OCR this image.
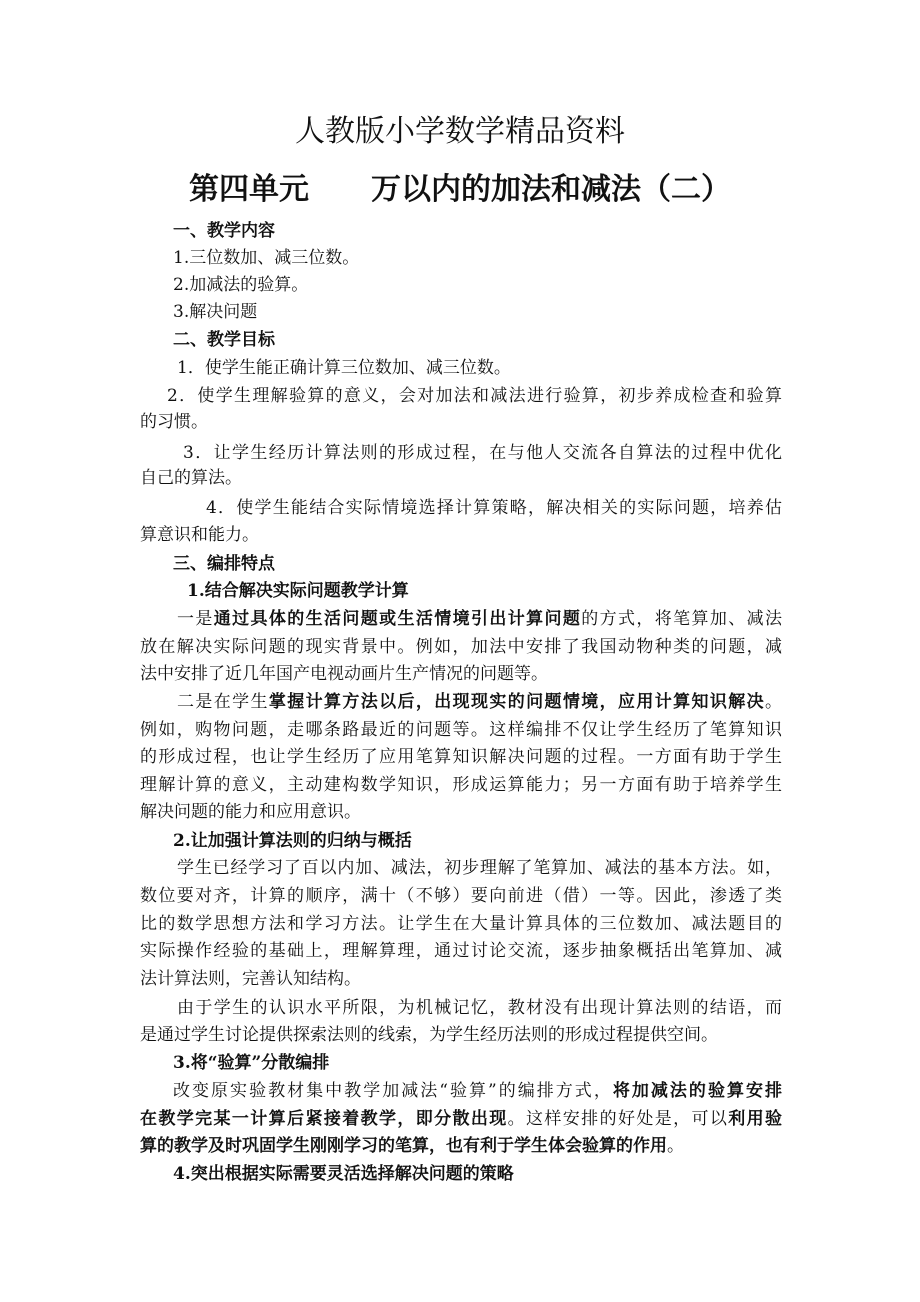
人教版小学数学精品资料
第四单元 万以内的加法和减法（二）
一、教学内容
1.三位数加、减三位数。
2.加减法的验算。
3.解决问题
二、教学目标
1．使学生能正确计算三位数加、减三位数。
2．使学生理解验算的意义，会对加法和减法进行验算，初步养成检查和验算
的习惯。
3．让学生经历计算法则的形成过程，在与他人交流各自算法的过程中优化
自己的算法。
4．使学生能结合实际情境选择计算策略，解决相关的实际问题，培养估
算意识和能力。
三、编排特点
1.结合解决实际问题教学计算
一是通过具体的生活问题或生活情境引出计算问题的方式，将笔算加、减法
放在解决实际问题的现实背景中。例如，加法中安排了我国动物种类的问题，减
法中安排了近几年国产电视动画片生产情况的问题等。
二是在学生掌握计算方法以后，出现现实的问题情境，应用计算知识解决。
例如，购物问题，走哪条路最近的问题等。这样编排不仅让学生经历了笔算知识
的形成过程，也让学生经历了应用笔算知识解决问题的过程。一方面有助于学生
理解计算的意义，主动建构数学知识，形成运算能力；另一方面有助于培养学生
解决问题的能力和应用意识。
2.让加强计算法则的归纳与概括
学生已经学习了百以内加、减法，初步理解了笔算加、减法的基本方法。如，
数位要对齐，计算的顺序，满十（不够）要向前进（借）一等。因此，渗透了类
比的数学思想方法和学习方法。让学生在大量计算具体的三位数加、减法题目的
实际操作经验的基础上，理解算理，通过讨论交流，逐步抽象概括出笔算加、减
法计算法则，完善认知结构。
由于学生的认识水平所限，为机械记忆，教材没有出现计算法则的结语，而
是通过学生讨论提供探索法则的线索，为学生经历法则的形成过程提供空间。
3.将“验算”分散编排
改变原实验教材集中教学加减法“验算”的编排方式，将加减法的验算安排
在教学完某一计算后紧接着教学，即分散出现。这样安排的好处是，可以利用验
算的教学及时巩固学生刚刚学习的笔算，也有利于学生体会验算的作用。
4.突出根据实际需要灵活选择解决问题的策略
